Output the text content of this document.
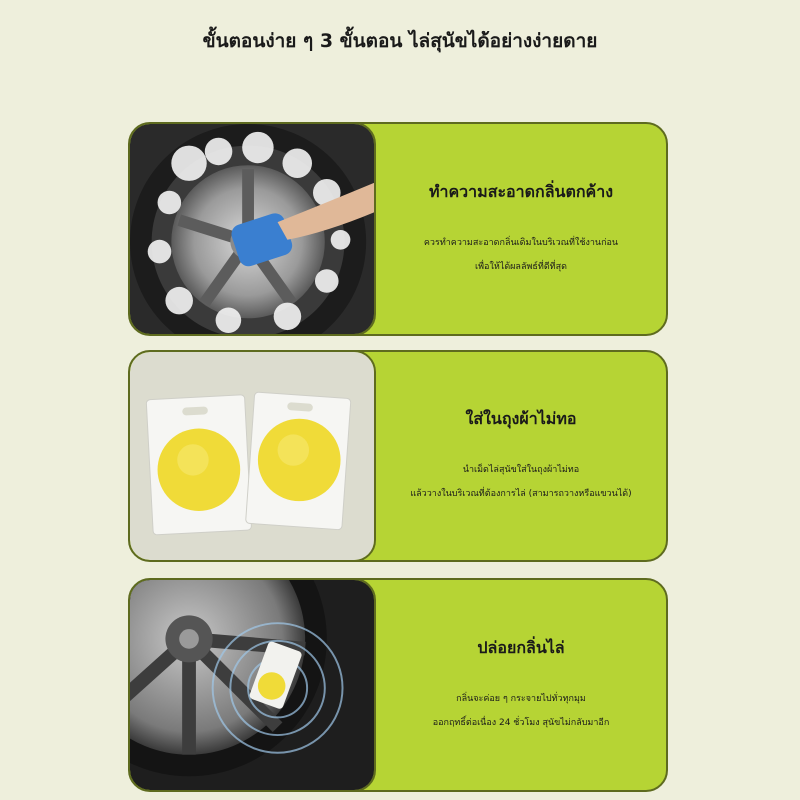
ขั้นตอนง่าย ๆ 3 ขั้นตอน ไล่สุนัขได้อย่างง่ายดาย
ทำความสะอาดกลิ่นตกค้าง
ควรทำความสะอาดกลิ่นเดิมในบริเวณที่ใช้งานก่อน
เพื่อให้ได้ผลลัพธ์ที่ดีที่สุด
ใส่ในถุงผ้าไม่ทอ
นำเม็ดไล่สุนัขใส่ในถุงผ้าไม่ทอ
แล้ววางในบริเวณที่ต้องการไล่ (สามารถวางหรือแขวนได้)
ปล่อยกลิ่นไล่
กลิ่นจะค่อย ๆ กระจายไปทั่วทุกมุม
ออกฤทธิ์ต่อเนื่อง 24 ชั่วโมง สุนัขไม่กลับมาอีก
